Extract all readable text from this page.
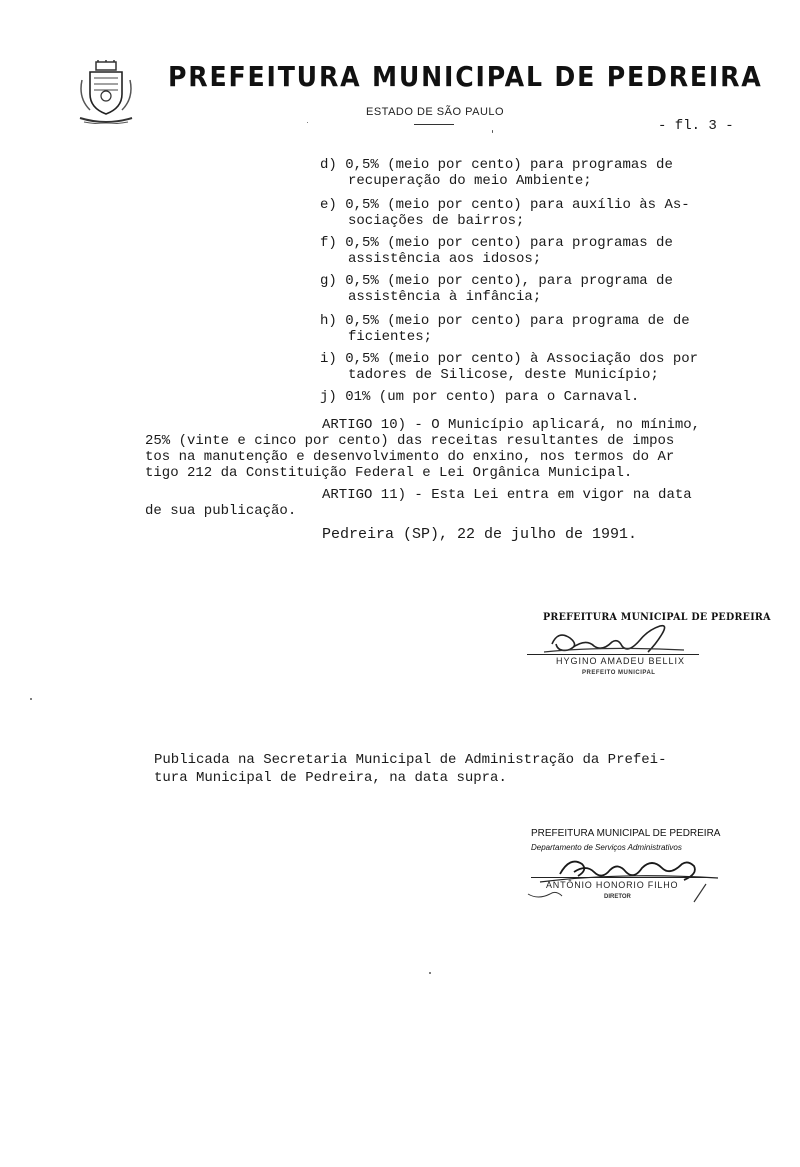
PREFEITURA MUNICIPAL DE PEDREIRA
ESTADO DE SÃO PAULO
- fl. 3 -
d) 0,5% (meio por cento) para programas de
recuperação do meio Ambiente;
e) 0,5% (meio por cento) para auxílio às As-
sociações de bairros;
f) 0,5% (meio por cento) para programas de
assistência aos idosos;
g) 0,5% (meio por cento), para programa de
assistência à infância;
h) 0,5% (meio por cento) para programa de de
ficientes;
i) 0,5% (meio por cento) à Associação dos por
tadores de Silicose, deste Município;
j) 01% (um por cento) para o Carnaval.
ARTIGO 10) - O Município aplicará, no mínimo,
25% (vinte e cinco por cento) das receitas resultantes de impos
tos na manutenção e desenvolvimento do enxino, nos termos do Ar
tigo 212 da Constituição Federal e Lei Orgânica Municipal.
ARTIGO 11) - Esta Lei entra em vigor na data
de sua publicação.
Pedreira (SP), 22 de julho de 1991.
PREFEITURA MUNICIPAL DE PEDREIRA
HYGINO AMADEU BELLIX
PREFEITO MUNICIPAL
Publicada na Secretaria Municipal de Administração da Prefei-
tura Municipal de Pedreira, na data supra.
PREFEITURA MUNICIPAL DE PEDREIRA
Departamento de Serviços Administrativos
ANTÔNIO HONORIO FILHO
DIRETOR
